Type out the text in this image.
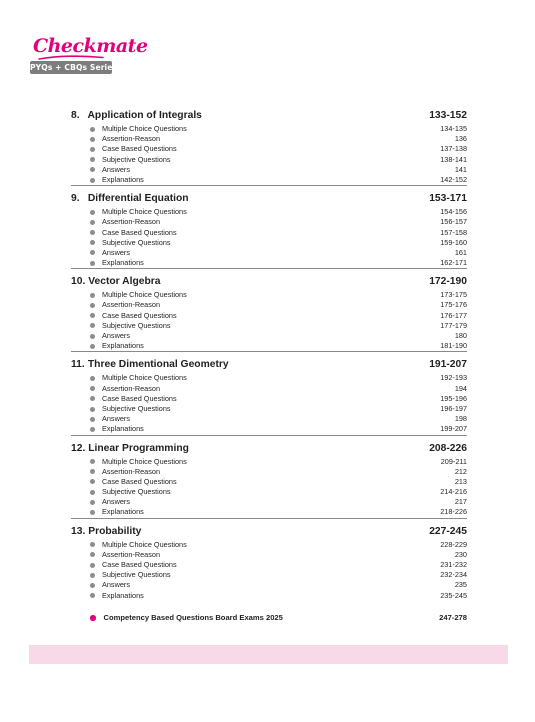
Checkmate
PYQs + CBQs Series
8. Application of Integrals	133-152
Multiple Choice Questions	134-135
Assertion-Reason	136
Case Based Questions	137-138
Subjective Questions	138-141
Answers	141
Explanations	142-152
9. Differential Equation	153-171
Multiple Choice Questions	154-156
Assertion-Reason	156-157
Case Based Questions	157-158
Subjective Questions	159-160
Answers	161
Explanations	162-171
10. Vector Algebra	172-190
Multiple Choice Questions	173-175
Assertion-Reason	175-176
Case Based Questions	176-177
Subjective Questions	177-179
Answers	180
Explanations	181-190
11. Three Dimentional Geometry	191-207
Multiple Choice Questions	192-193
Assertion-Reason	194
Case Based Questions	195-196
Subjective Questions	196-197
Answers	198
Explanations	199-207
12. Linear Programming	208-226
Multiple Choice Questions	209-211
Assertion-Reason	212
Case Based Questions	213
Subjective Questions	214-216
Answers	217
Explanations	218-226
13. Probability	227-245
Multiple Choice Questions	228-229
Assertion-Reason	230
Case Based Questions	231-232
Subjective Questions	232-234
Answers	235
Explanations	235-245
Competency Based Questions Board Exams 2025	247-278
